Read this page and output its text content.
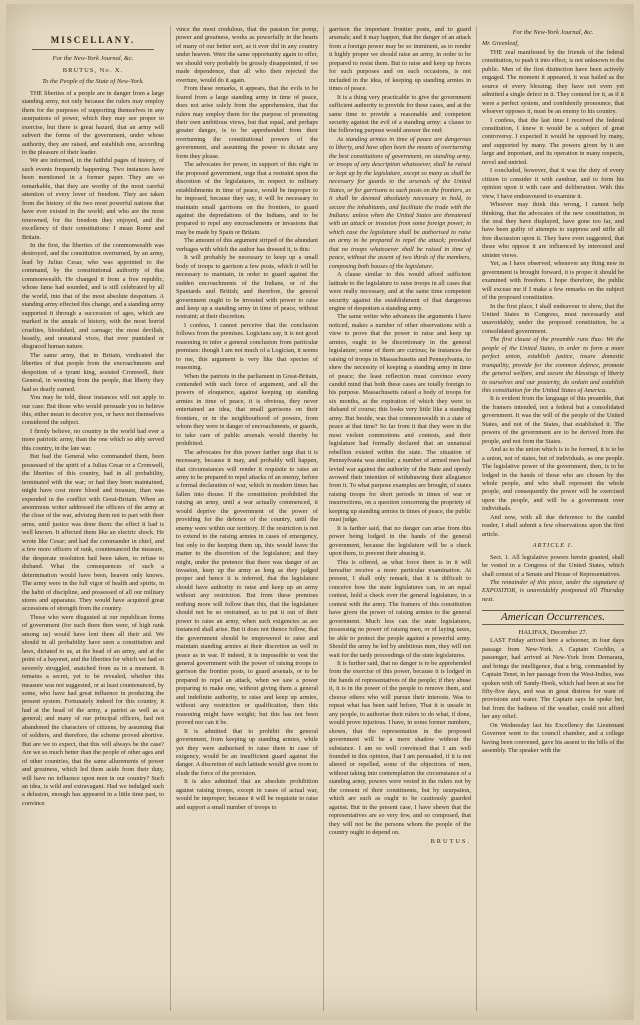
MISCELLANY.
For the New-York Journal, &c.
BRUTUS, No. X.
To the People of the State of New-York.

THE liberties of a people are in danger from a large standing army, not only because the rulers may employ them for the purposes of supporting themselves in any usurpations of power, which they may see proper to exercise, but there is great hazard, that an army will subvert the forms of the government, under whose authority, they are raised, and establish one, according to the pleasure of their leader.

We are informed, in the faithful pages of history, of such events frequently happening. Two instances have been mentioned in a former paper. They are so remarkable, that they are worthy of the most careful attention of every lover of freedom. They are taken from the history of the two most powerful nations that have ever existed in the world; and who are the most renowned, for the freedom they enjoyed, and the excellency of their constitutions: I mean Rome and Britain.

In the first, the liberties of the commonwealth was destroyed, and the constitution overturned, by an army, lead by Julius Cesar, who was appointed to the command, by the constitutional authority of that commonwealth. He changed it from a free republic, whose fame had sounded, and is still celebrated by all the world, into that of the most absolute despotism. A standing army effected this change, and a standing army supported it through a succession of ages, which are marked in the annals of history, with the most horrid cruelties, bloodshed, and carnage; the most devilish, beastly, and unnatural vices, that ever punished or disgraced human nature.

The same army, that in Britain, vindicated the liberties of that people from the encroachments and despotism of a tyrant king, assisted Cromwell, their General, in wresting from the people, that liberty they had so dearly earned.

You may be told, these instances will not apply to our case: But those who would persuade you to believe this, either mean to deceive you, or have not themselves considered the subject.

I firmly believe, no country in the world had ever a more patriotic army, than the one which so ably served this country, in the late war.

But had the General who commanded them, been possessed of the spirit of a Julius Cesar or a Cromwell, the liberties of this country, had in all probability, terminated with the war; or had they been maintained, might have cost more blood and treasure, than was expended in the conflict with Great-Britain. When an anonimous writer addressed the officers of the army at the close of the war, advising them not to part with their arms, until justice was done them: the effect it had is well known. It affected them like an electric shock. He wrote like Cesar; and had the commander in chief, and a few more officers of rank, countenanced the measure, the desperate resolution had been taken, to refuse to disband. What the consequences of such a determination would have been, heaven only knows. The army were in the full vigor of health and spirits, in the habit of discipline, and possessed of all our military stores and apparatus. They would have acquired great accessions of strength from the country.

Those who were disgusted at our republican forms of government (for such there then were, of high rank among us) would have lent them all their aid. We should in all probability have seen a constitution and laws, dictated to us, at the head of an army, and at the point of a bayonet, and the liberties for which we had so severely struggled, snatched from us in a moment. It remains a secret, yet to be revealed, whether this measure was not suggested, or at least countenanced, by some, who have had great influence in producing the present system. Fortunately indeed for this country, it had at the head of the army, a patriot as well as a general; and many of our principal officers, had not abandoned the characters of citizens, by assuming that of soldiers, and therefore, the scheme proved abortive. But are we to expect, that this will always be the case? Are we so much better than the people of other ages and of other countries, that the same allurements of power and greatness, which led them aside from their duty, will have no influence upon men in our country? Such an idea, is wild and extravagant. Had we indulged such a delusion, enough has appeared in a little time past, to convince

vince the most credulous, that the passion for pomp, power and greatness, works as powerfully in the hearts of many of our better sort, as it ever did in any country under heaven. Were the same opportunity again to offer, we should very probably be grossly disappointed, if we made dependence, that all who then rejected the overture, would do it again.

From these remarks, it appears, that the evils to be feared from a large standing army in time of peace, does not arise solely from the apprehension, that the rulers may employ them for the purpose of promoting their own ambitious views, but that equal, and perhaps greater danger, is to be apprehended from their overturning the constitutional powers of the government, and assuming the power to dictate any form they please.

The advocates for power, in support of this right in the proposed government, urge that a restraint upon the discretion of the legislatures, in respect to military establishments in time of peace, would be improper to be imposed, because they say, it will be necessary to maintain small garrisons on the frontiers, to guard against the depredations of the Indians, and to be prepared to repel any encroachments or invasions that may be made by Spain or Britain.

The amount of this argument striped of the abundant verbages with which the author has dressed it, is this:

It will probably be necessary to keep up a small body of troops to garrison a few posts, which it will be necessary to maintain, in order to guard against the sudden encroachments of the Indians, or of the Spaniards and British; and therefore, the general government ought to be invested with power to raise and keep up a standing army in time of peace, without restraint; at their discretion.

I confess, I cannot perceive that the conclusion follows from the premises. Logicians say, it is not good reasoning to infer a general conclusion from particular premises: though I am not much of a Logician, it seems to me, this argument is very like that species of reasoning.

When the patriots in the parliament in Great-Britain, contended with such force of argument, and all the powers of eloquence, against keeping up standing armies in time of peace, it is obvious, they never entertained an idea, that small garrisons on their frontiers, or in the neighbourhood of powers, from whom they were in danger of encroachments, or guards, to take care of public arsenals would thereby be prohibited.

The advocates for this power farther urge that it is necessary, because it may, and probably will happen, that circumstances will render it requisite to raise an army to be prepared to repel attacks of an enemy, before a formal declaration of war, which in modern times has fallen into disuse. If the constitution prohibited the raising an army, until a war actually commenced, it would deprive the government of the power of providing for the defence of the country, until the enemy were within our territory. If the restriction is not to extend to the raising armies in cases of emergency, but only to the keeping them up, this would leave the matter to the discretion of the legislature; and they might, under the pretence that there was danger of an invasion, keep up the army as long as they judged proper and hence it is inferred, that the legislature should have authority to raise and keep up an army without any restriction. But from these premises nothing more will follow than this, that the legislature should not be so restrained, as to put it out of their power to raise an army, when such exigencies as are instanced shall arise. But it does not thence follow, that the government should be empowered to raise and maintain standing armies at their discretion as well in peace as in war. If indeed, it is impossible to vest the general government with the power of raising troops to garrison the frontier posts, to guard arsenals, or to be prepared to repel an attack, when we saw a power preparing to make one, without giving them a general and indefinite authority, to raise and keep up armies, without any restriction or qualification, then this reasoning might have weight; but this has not been proved nor can it be.

It is admitted that to prohibit the general government, from keeping up standing armies, while yet they were authorised to raise them in case of exigency, would be an insufficient guard against the danger. A discretion of such latitude would give room to elude the force of the provision.

It is also admitted that an absolute prohibition against raising troops, except in cases of actual war, would be improper; because it will be requisite to raise and support a small number of troops to

garrison the important frontier posts, and to guard arsenals; and it may happen, that the danger of an attack from a foreign power may be so imminent, as to render it highly proper we should raise an army, in order to be prepared to resist them. But to raise and keep up forces for such purposes and on such occasions, is not included in the idea, of keeping up standing armies in times of peace.

It is a thing very practicable to give the government sufficient authority to provide for these cases, and at the same time to provide a reasonable and competent security against the evil of a standing army: a clause to the following purpose would answer the end:

As standing armies in time of peace are dangerous to liberty, and have often been the means of overturning the best constitutions of government, no standing army, or troops of any description whatsoever, shall be raised or kept up by the legislature, except so many as shall be necessary for guards to the arsenals of the United States, or for garrisons to such posts on the frontiers, as it shall be deemed absolutely necessary to hold, to secure the inhabitants, and facilitate the trade with the Indians: unless when the United States are threatened with an attack or invasion from some foreign power, in which case the legislature shall be authorised to raise an army to be prepared to repel the attack; provided that no troops whatsoever shall be raised in time of peace, without the assent of two thirds of the members, composing both houses of the legislature.

A clause similar to this would afford sufficient latitude to the legislature to raise troops in all cases that were really necessary, and at the same time competent security against the establishment of that dangerous engine of despotism a standing army.

The same writer who advances the arguments I have noticed, makes a number of other observations with a view to prove that the power to raise and keep up armies, ought to be discretionary in the general legislature; some of them are curious; he instances the raising of troops in Massachusetts and Pennsylvania, to shew the necessity of keeping a standing army in time of peace; the least reflection must convince every candid mind that both these cases are totally foreign to his purpose. Massachusetts raised a body of troops for six months, at the expiration of which they were to disband of course; this looks very little like a standing army. But beside, was that commonwealth in a state of peace at that time? So far from it that they were in the most violent commotions and contests, and their legislature had formally declared that an unnatural rebellion existed within the state. The situation of Pennsylvania was similar; a number of armed men had levied war against the authority of the State and openly avowed their intention of withdrawing their allegiance from it. To what purpose examples are brought, of states raising troops for short periods in times of war or insurrections, on a question concerning the propriety of keeping up standing armies in times of peace, the public must judge.

It is farther said, that no danger can arise from this power being lodged in the hands of the general government, because the legislature will be a check upon them, to prevent their abusing it.

This is offered, as what force there is in it will hereafter receive a more particular examination. At present, I shall only remark, that it is difficult to conceive how the state legislatures can, in an equal contest, hold a check over the general legislature, in a contest with the army. The framers of this constitution have given the power of raising armies to the general government. Much less can the state legislatures, possessing no power of raising men, or of laying taxes, be able to protect the people against a powerful army. Should the army be led by ambitious men, they will not wait for the tardy proceedings of the state legislatures.

It is further said, that no danger is to be apprehended from the exercise of this power, because it is lodged in the hands of representatives of the people; if they abuse it, it is in the power of the people to remove them, and choose others who will pursue their interests. Was to repeat what has been said before, That it is unsafe in any people, to authorise their rulers to do what, if done, would prove injurious. I have, in some former numbers, shown, that the representation in the proposed government will be a mere shadow without the substance. I am so well convinced that I am well founded in this opinion, that I am persuaded, if it is not altered or repelled, some of the objections of men, without taking into contemplation the circumstance of a standing army, powers were vested in the rulers not by the consent of their constituents, but by usurpation, which are such as ought to be cautiously guarded against. But in the present case, I have shewn that the representatives are so very few, and so composed, that they will not be the persons whom the people of the country ought to depend on.

BRUTUS.
For the New-York Journal, &c.
Mr. Greenleaf,

THE zeal manifested by the friends of the federal constitution, to push it into effect, is not unknown to the public. Men of the first distinction have been actively engaged. The moment it appeared, it was hailed as the source of every blessing; they have not even yet admitted a single defect in it. They contend for it, as if it were a perfect system, and confidently pronounce, that whoever opposes it, must be an enemy to his country.

I confess, that the last time I received the federal constitution, I knew it would be a subject of great controversy. I expected it would be opposed by many, and supported by many. The powers given by it are large and important, and its operation in many respects, novel and untried.

I concluded, however, that it was the duty of every citizen to consider it with candour, and to form his opinion upon it with care and deliberation. With this view, I have endeavoured to examine it.

Whoever may think this wrong, I cannot help thinking, that the advocates of the new constitution, in the zeal they have displayed, have gone too far, and have been guilty of attempts to suppress and stifle all free discussion upon it. They have even suggested, that those who oppose it are influenced by interested and sinister views.

Yet, as I have observed, whenever any thing new in government is brought forward, it is proper it should be examined with freedom. I hope therefore, the public will excuse me if I make a few remarks on the subject of the proposed constitution.

In the first place, I shall endeavour to show, that the United States in Congress, must necessarily and unavoidably, under the proposed constitution, be a consolidated government.

The first clause of the preamble runs thus: We the people of the United States, in order to form a more perfect union, establish justice, insure domestic tranquility, provide for the common defence, promote the general welfare, and secure the blessings of liberty to ourselves and our posterity, do ordain and establish this constitution for the United States of America.

It is evident from the language of this preamble, that the framers intended, not a federal but a consolidated government. It was the will of the people of the United States, and not of the States, that established it. The powers of the government are to be derived from the people, and not from the States.

And as to the union which is to be formed, it is to be a union, not of states, but of individuals, as one people. The legislative power of the government, then, is to be lodged in the hands of those who are chosen by the whole people, and who shall represent the whole people, and consequently the power will be exercised upon the people, and will be a government over individuals.

And now, with all due deference to the candid reader, I shall submit a few observations upon the first article.

ARTICLE I.

Sect. 1. All legislative powers herein granted, shall be vested in a Congress of the United States, which shall consist of a Senate and House of Representatives.

The remainder of this piece, under the signature of EXPOSITOR, is unavoidably postponed till Thursday next.

American Occurrences.
HALIFAX, December 27.

LAST Friday arrived here a schooner, in four days passage from New-York. A Captain Cochlin, a passenger, had arrived at New-York from Demarara, and brings the intelligence, that a brig, commanded by Captain Tenet, in her passage from the West-Indies, was spoken with off Sandy-Hook, which had been at sea for fifty-five days, and was in great distress for want of provisions and water. The Captain says he spoke her, but from the badness of the weather, could not afford her any relief.

On Wednesday last his Excellency the Lieutenant Governor went to the council chamber, and a college having been convened, gave his assent to the bills of the assembly. The speaker with the
